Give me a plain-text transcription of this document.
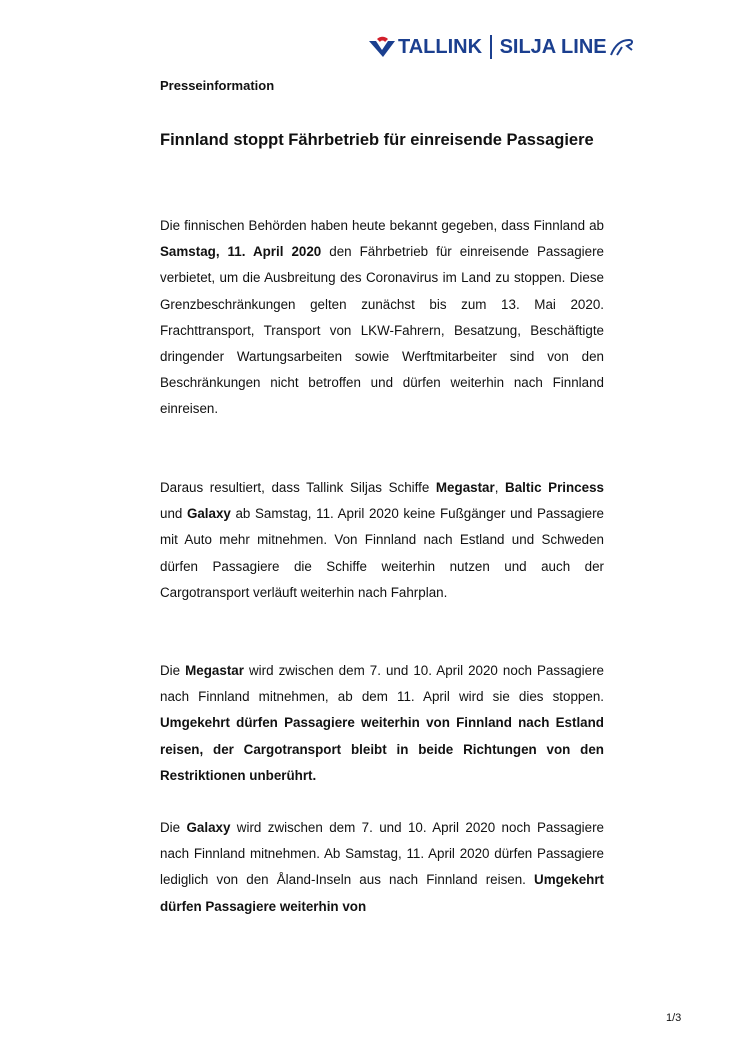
TALLINK SILJA LINE
Presseinformation
Finnland stoppt Fährbetrieb für einreisende Passagiere

Die finnischen Behörden haben heute bekannt gegeben, dass Finnland ab Samstag, 11. April 2020 den Fährbetrieb für einreisende Passagiere verbietet, um die Ausbreitung des Coronavirus im Land zu stoppen. Diese Grenzbeschränkungen gelten zunächst bis zum 13. Mai 2020. Frachttransport, Transport von LKW-Fahrern, Besatzung, Beschäftigte dringender Wartungsarbeiten sowie Werftmitarbeiter sind von den Beschränkungen nicht betroffen und dürfen weiterhin nach Finnland einreisen.

Daraus resultiert, dass Tallink Siljas Schiffe Megastar, Baltic Princess und Galaxy ab Samstag, 11. April 2020 keine Fußgänger und Passagiere mit Auto mehr mitnehmen. Von Finnland nach Estland und Schweden dürfen Passagiere die Schiffe weiterhin nutzen und auch der Cargotransport verläuft weiterhin nach Fahrplan.

Die Megastar wird zwischen dem 7. und 10. April 2020 noch Passagiere nach Finnland mitnehmen, ab dem 11. April wird sie dies stoppen. Umgekehrt dürfen Passagiere weiterhin von Finnland nach Estland reisen, der Cargotransport bleibt in beide Richtungen von den Restriktionen unberührt.

Die Galaxy wird zwischen dem 7. und 10. April 2020 noch Passagiere nach Finnland mitnehmen. Ab Samstag, 11. April 2020 dürfen Passagiere lediglich von den Åland-Inseln aus nach Finnland reisen. Umgekehrt dürfen Passagiere weiterhin von

1/3
